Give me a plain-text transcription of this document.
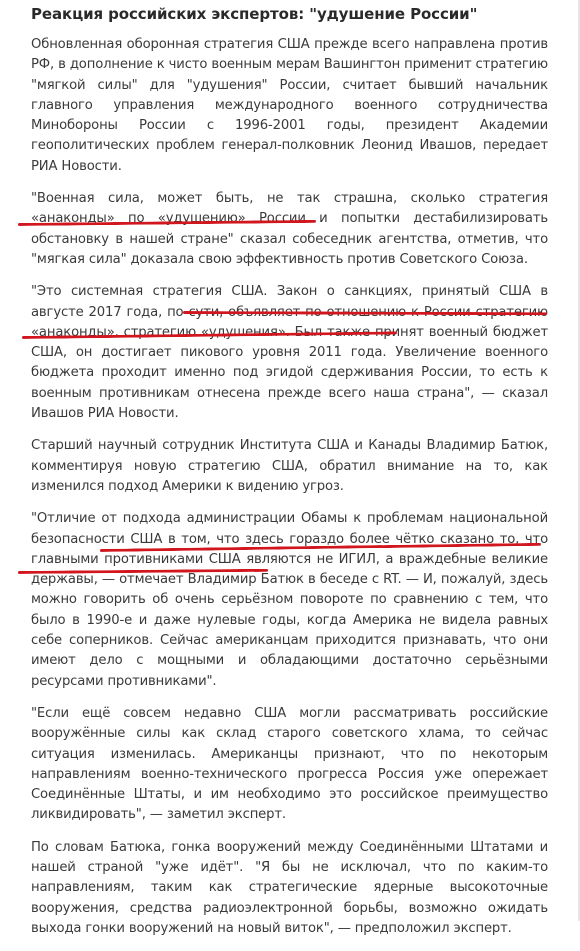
Реакция российских экспертов: "удушение России"

Обновленная оборонная стратегия США прежде всего направлена против РФ, в дополнение к чисто военным мерам Вашингтон применит стратегию "мягкой силы" для "удушения" России, считает бывший начальник главного управления международного военного сотрудничества Минобороны России с 1996-2001 годы, президент Академии геополитических проблем генерал-полковник Леонид Ивашов, передает РИА Новости.

"Военная сила, может быть, не так страшна, сколько стратегия «анаконды» по «удушению» России и попытки дестабилизировать обстановку в нашей стране" сказал собеседник агентства, отметив, что "мягкая сила" доказала свою эффективность против Советского Союза.

"Это системная стратегия США. Закон о санкциях, принятый США в августе 2017 года, по сути, объявляет по отношению к России стратегию «анаконды», стратегию «удушения». Был также принят военный бюджет США, он достигает пикового уровня 2011 года. Увеличение военного бюджета проходит именно под эгидой сдерживания России, то есть к военным противникам отнесена прежде всего наша страна", — сказал Ивашов РИА Новости.

Старший научный сотрудник Института США и Канады Владимир Батюк, комментируя новую стратегию США, обратил внимание на то, как изменился подход Америки к видению угроз.

"Отличие от подхода администрации Обамы к проблемам национальной безопасности США в том, что здесь гораздо более чётко сказано то, что главными противниками США являются не ИГИЛ, а враждебные великие державы, — отмечает Владимир Батюк в беседе с RT. — И, пожалуй, здесь можно говорить об очень серьёзном повороте по сравнению с тем, что было в 1990-е и даже нулевые годы, когда Америка не видела равных себе соперников. Сейчас американцам приходится признавать, что они имеют дело с мощными и обладающими достаточно серьёзными ресурсами противниками".

"Если ещё совсем недавно США могли рассматривать российские вооружённые силы как склад старого советского хлама, то сейчас ситуация изменилась. Американцы признают, что по некоторым направлениям военно-технического прогресса Россия уже опережает Соединённые Штаты, и им необходимо это российское преимущество ликвидировать", — заметил эксперт.

По словам Батюка, гонка вооружений между Соединёнными Штатами и нашей страной "уже идёт". "Я бы не исключал, что по каким-то направлениям, таким как стратегические ядерные высокоточные вооружения, средства радиоэлектронной борьбы, возможно ожидать выхода гонки вооружений на новый виток", — предположил эксперт.
